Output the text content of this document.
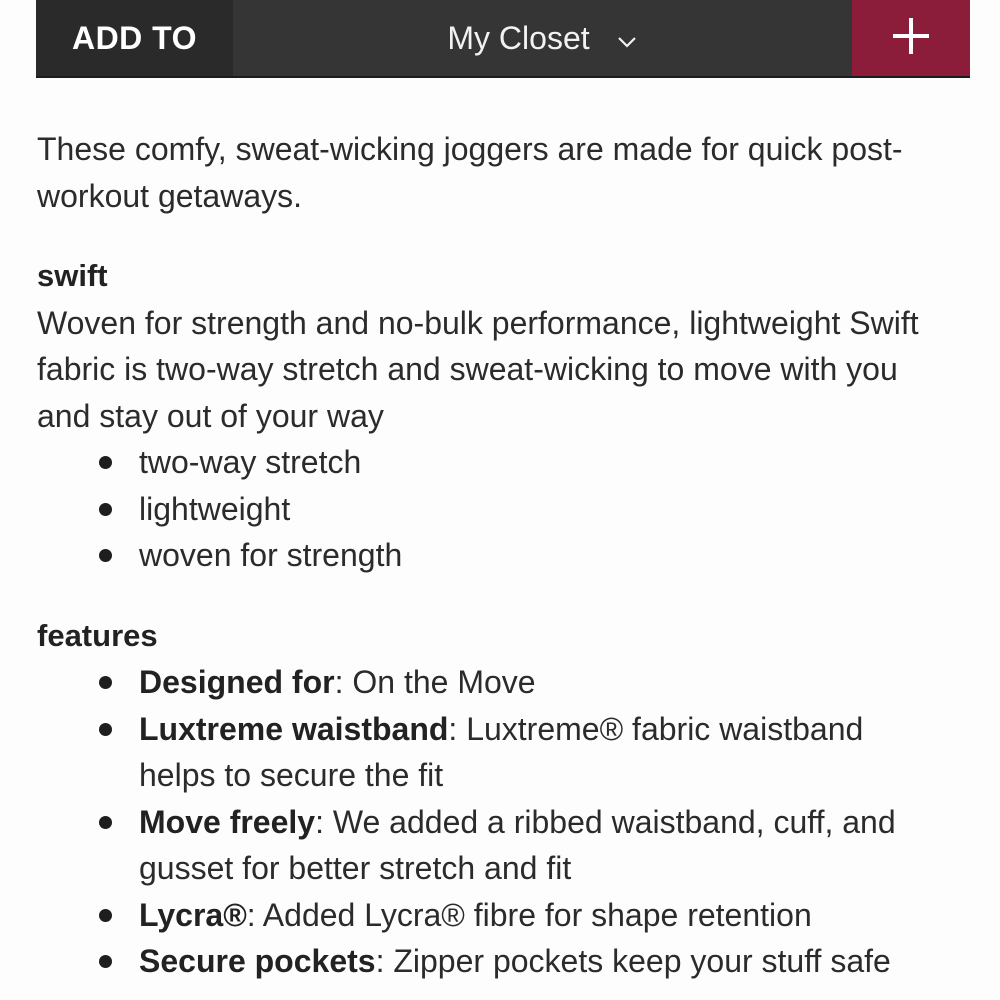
ADD TO	My Closet

These comfy, sweat-wicking joggers are made for quick post-workout getaways.

swift

Woven for strength and no-bulk performance, lightweight Swift fabric is two-way stretch and sweat-wicking to move with you and stay out of your way

two-way stretch
lightweight
woven for strength
features
Designed for: On the Move
Luxtreme waistband: Luxtreme® fabric waistband helps to secure the fit
Move freely: We added a ribbed waistband, cuff, and gusset for better stretch and fit
Lycra®: Added Lycra® fibre for shape retention
Secure pockets: Zipper pockets keep your stuff safe
